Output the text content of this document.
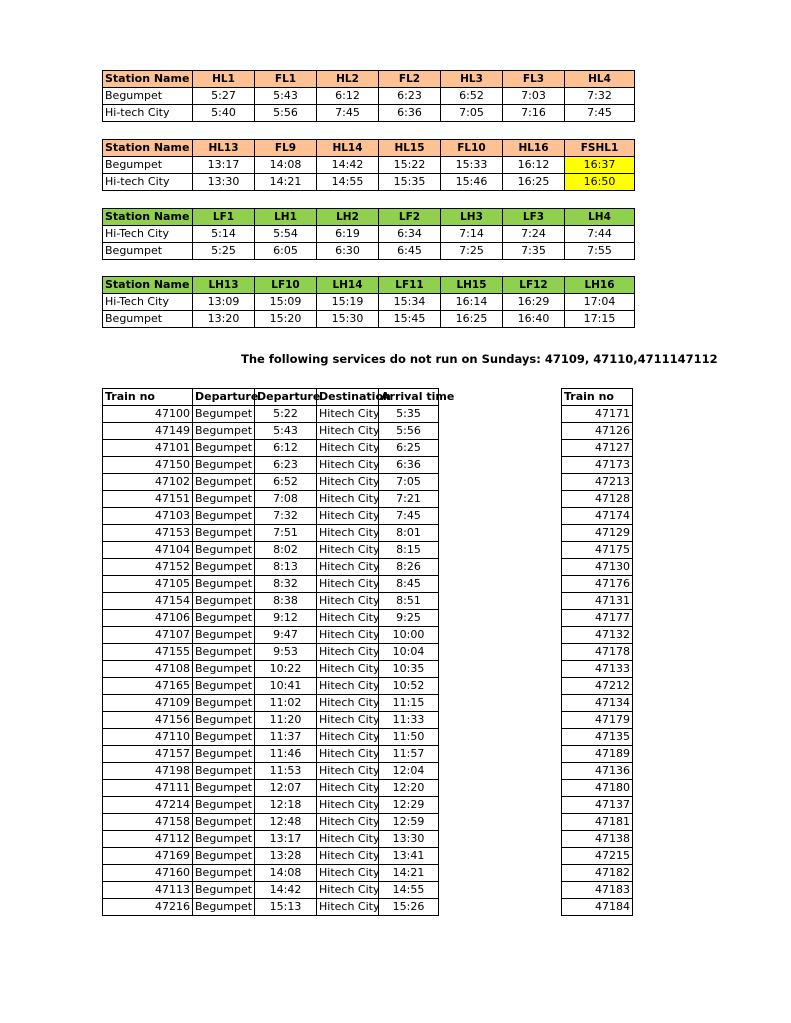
Station Name	HL1	FL1	HL2	FL2	HL3	FL3	HL4
Begumpet	5:27	5:43	6:12	6:23	6:52	7:03	7:32
Hi-tech City	5:40	5:56	7:45	6:36	7:05	7:16	7:45
Station Name	HL13	FL9	HL14	HL15	FL10	HL16	FSHL1
Begumpet	13:17	14:08	14:42	15:22	15:33	16:12	16:37
Hi-tech City	13:30	14:21	14:55	15:35	15:46	16:25	16:50
Station Name	LF1	LH1	LH2	LF2	LH3	LF3	LH4
Hi-Tech City	5:14	5:54	6:19	6:34	7:14	7:24	7:44
Begumpet	5:25	6:05	6:30	6:45	7:25	7:35	7:55
Station Name	LH13	LF10	LH14	LF11	LH15	LF12	LH16
Hi-Tech City	13:09	15:09	15:19	15:34	16:14	16:29	17:04
Begumpet	13:20	15:20	15:30	15:45	16:25	16:40	17:15
The following services do not run on Sundays: 47109, 47110,4711147112
Train no	Departure	Departure	Destination	Arrival time
47100	Begumpet	5:22	Hitech City	5:35
47149	Begumpet	5:43	Hitech City	5:56
47101	Begumpet	6:12	Hitech City	6:25
47150	Begumpet	6:23	Hitech City	6:36
47102	Begumpet	6:52	Hitech City	7:05
47151	Begumpet	7:08	Hitech City	7:21
47103	Begumpet	7:32	Hitech City	7:45
47153	Begumpet	7:51	Hitech City	8:01
47104	Begumpet	8:02	Hitech City	8:15
47152	Begumpet	8:13	Hitech City	8:26
47105	Begumpet	8:32	Hitech City	8:45
47154	Begumpet	8:38	Hitech City	8:51
47106	Begumpet	9:12	Hitech City	9:25
47107	Begumpet	9:47	Hitech City	10:00
47155	Begumpet	9:53	Hitech City	10:04
47108	Begumpet	10:22	Hitech City	10:35
47165	Begumpet	10:41	Hitech City	10:52
47109	Begumpet	11:02	Hitech City	11:15
47156	Begumpet	11:20	Hitech City	11:33
47110	Begumpet	11:37	Hitech City	11:50
47157	Begumpet	11:46	Hitech City	11:57
47198	Begumpet	11:53	Hitech City	12:04
47111	Begumpet	12:07	Hitech City	12:20
47214	Begumpet	12:18	Hitech City	12:29
47158	Begumpet	12:48	Hitech City	12:59
47112	Begumpet	13:17	Hitech City	13:30
47169	Begumpet	13:28	Hitech City	13:41
47160	Begumpet	14:08	Hitech City	14:21
47113	Begumpet	14:42	Hitech City	14:55
47216	Begumpet	15:13	Hitech City	15:26
Train no
47171
47126
47127
47173
47213
47128
47174
47129
47175
47130
47176
47131
47177
47132
47178
47133
47212
47134
47179
47135
47189
47136
47180
47137
47181
47138
47215
47182
47183
47184
